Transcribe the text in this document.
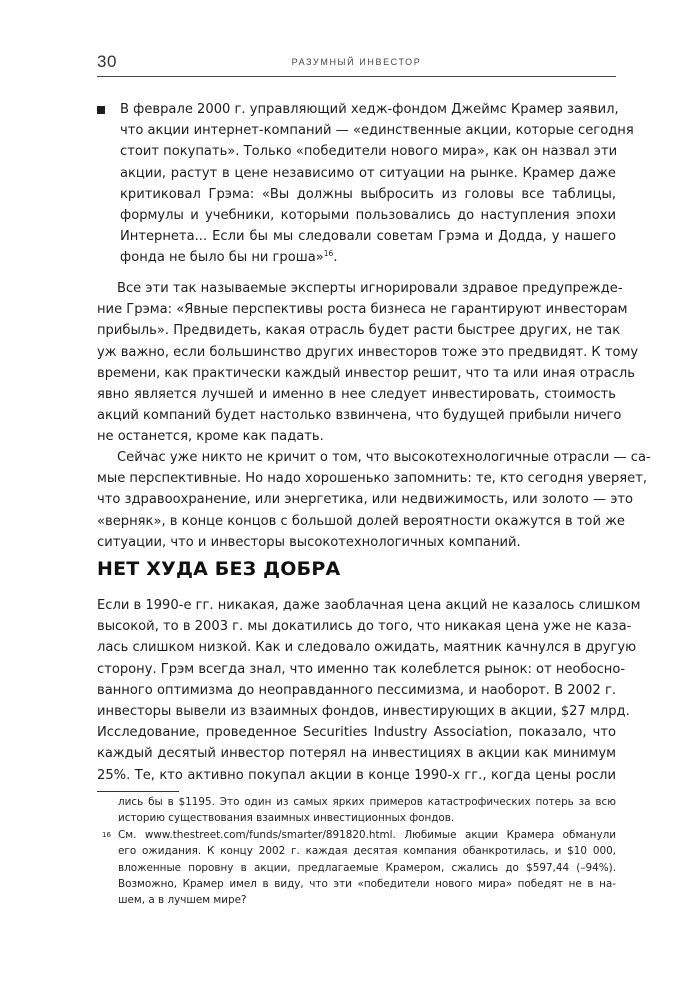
30	РАЗУМНЫЙ ИНВЕСТОР
В феврале 2000 г. управляющий хедж-фондом Джеймс Крамер заявил,
что акции интернет-компаний — «единственные акции, которые сегодня
стоит покупать». Только «победители нового мира», как он назвал эти
акции, растут в цене независимо от ситуации на рынке. Крамер даже
критиковал Грэма: «Вы должны выбросить из головы все таблицы,
формулы и учебники, которыми пользовались до наступления эпохи
Интернета... Если бы мы следовали советам Грэма и Додда, у нашего
фонда не было бы ни гроша»$^{16}$.
Все эти так называемые эксперты игнорировали здравое предупрежде-
ние Грэма: «Явные перспективы роста бизнеса не гарантируют инвесторам
прибыль». Предвидеть, какая отрасль будет расти быстрее других, не так
уж важно, если большинство других инвесторов тоже это предвидят. К тому
времени, как практически каждый инвестор решит, что та или иная отрасль
явно является лучшей и именно в нее следует инвестировать, стоимость
акций компаний будет настолько взвинчена, что будущей прибыли ничего
не останется, кроме как падать.
Сейчас уже никто не кричит о том, что высокотехнологичные отрасли — са-
мые перспективные. Но надо хорошенько запомнить: те, кто сегодня уверяет,
что здравоохранение, или энергетика, или недвижимость, или золото — это
«верняк», в конце концов с большой долей вероятности окажутся в той же
ситуации, что и инвесторы высокотехнологичных компаний.
НЕТ ХУДА БЕЗ ДОБРА
Если в 1990-е гг. никакая, даже заоблачная цена акций не казалось слишком
высокой, то в 2003 г. мы докатились до того, что никакая цена уже не каза-
лась слишком низкой. Как и следовало ожидать, маятник качнулся в другую
сторону. Грэм всегда знал, что именно так колеблется рынок: от необосно-
ванного оптимизма до неоправданного пессимизма, и наоборот. В 2002 г.
инвесторы вывели из взаимных фондов, инвестирующих в акции, $27 млрд.
Исследование, проведенное Securities Industry Association, показало, что
каждый десятый инвестор потерял на инвестициях в акции как минимум
25%. Те, кто активно покупал акции в конце 1990-х гг., когда цены росли
лись бы в $1195. Это один из самых ярких примеров катастрофических потерь за всю
историю существования взаимных инвестиционных фондов.
16 См. www.thestreet.com/funds/smarter/891820.html. Любимые акции Крамера обманули
его ожидания. К концу 2002 г. каждая десятая компания обанкротилась, и $10 000,
вложенные поровну в акции, предлагаемые Крамером, сжались до $597,44 (–94%).
Возможно, Крамер имел в виду, что эти «победители нового мира» победят не в на-
шем, а в лучшем мире?
